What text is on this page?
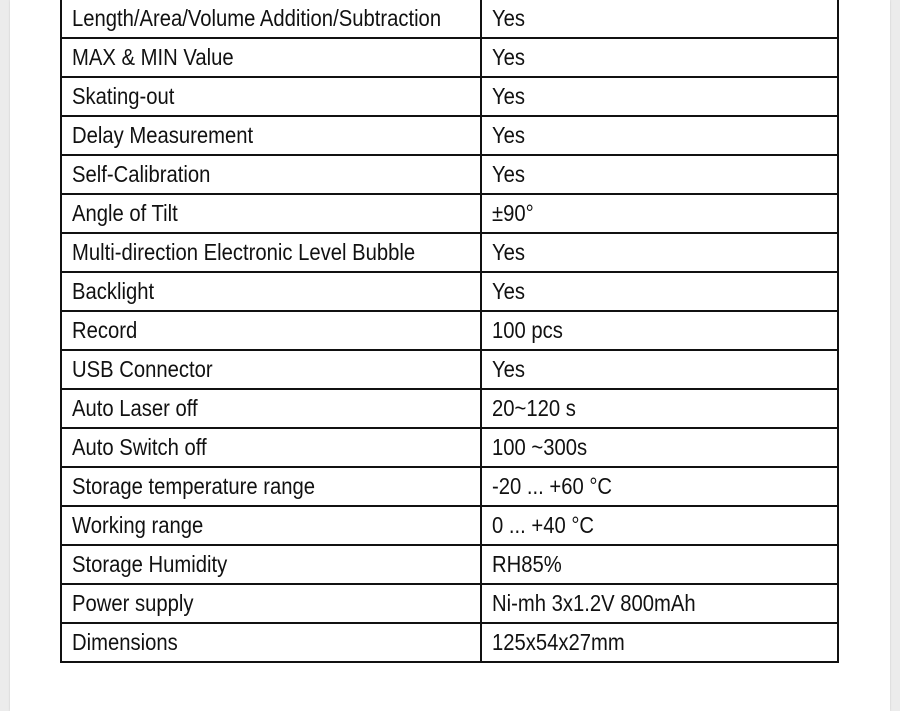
Length/Area/Volume Addition/Subtraction	Yes
MAX & MIN Value	Yes
Skating-out	Yes
Delay Measurement	Yes
Self-Calibration	Yes
Angle of Tilt	±90°
Multi-direction Electronic Level Bubble	Yes
Backlight	Yes
Record	100 pcs
USB Connector	Yes
Auto Laser off	20~120 s
Auto Switch off	100 ~300s
Storage temperature range	-20 ... +60 °C
Working range	0 ... +40 °C
Storage Humidity	RH85%
Power supply	Ni-mh 3x1.2V 800mAh
Dimensions	125x54x27mm
